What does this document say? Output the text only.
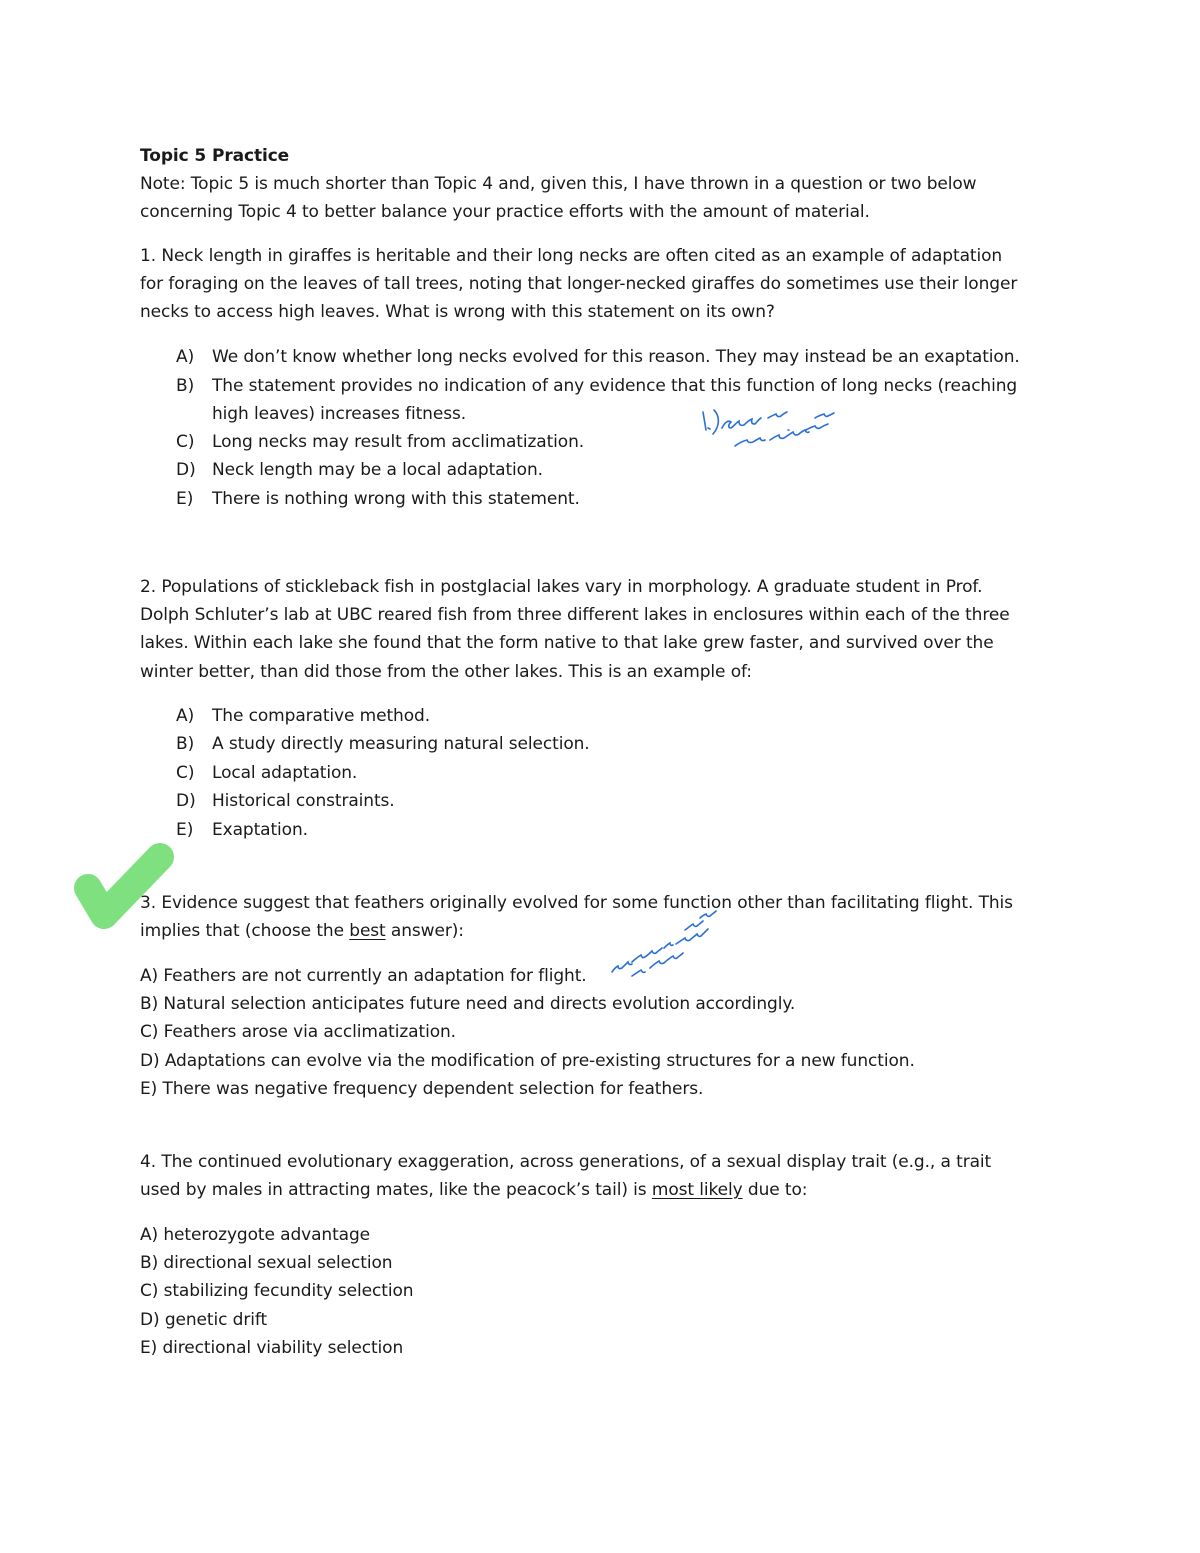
Topic 5 Practice
Note: Topic 5 is much shorter than Topic 4 and, given this, I have thrown in a question or two below
concerning Topic 4 to better balance your practice efforts with the amount of material.
1. Neck length in giraffes is heritable and their long necks are often cited as an example of adaptation
for foraging on the leaves of tall trees, noting that longer-necked giraffes do sometimes use their longer
necks to access high leaves. What is wrong with this statement on its own?
A) We don’t know whether long necks evolved for this reason. They may instead be an exaptation.
B) The statement provides no indication of any evidence that this function of long necks (reaching
high leaves) increases fitness.
C) Long necks may result from acclimatization.
D) Neck length may be a local adaptation.
E) There is nothing wrong with this statement.
2. Populations of stickleback fish in postglacial lakes vary in morphology. A graduate student in Prof.
Dolph Schluter’s lab at UBC reared fish from three different lakes in enclosures within each of the three
lakes. Within each lake she found that the form native to that lake grew faster, and survived over the
winter better, than did those from the other lakes. This is an example of:
A) The comparative method.
B) A study directly measuring natural selection.
C) Local adaptation.
D) Historical constraints.
E) Exaptation.
3. Evidence suggest that feathers originally evolved for some function other than facilitating flight. This
implies that (choose the best answer):
A) Feathers are not currently an adaptation for flight.
B) Natural selection anticipates future need and directs evolution accordingly.
C) Feathers arose via acclimatization.
D) Adaptations can evolve via the modification of pre-existing structures for a new function.
E) There was negative frequency dependent selection for feathers.
4. The continued evolutionary exaggeration, across generations, of a sexual display trait (e.g., a trait
used by males in attracting mates, like the peacock’s tail) is most likely due to:
A) heterozygote advantage
B) directional sexual selection
C) stabilizing fecundity selection
D) genetic drift
E) directional viability selection
